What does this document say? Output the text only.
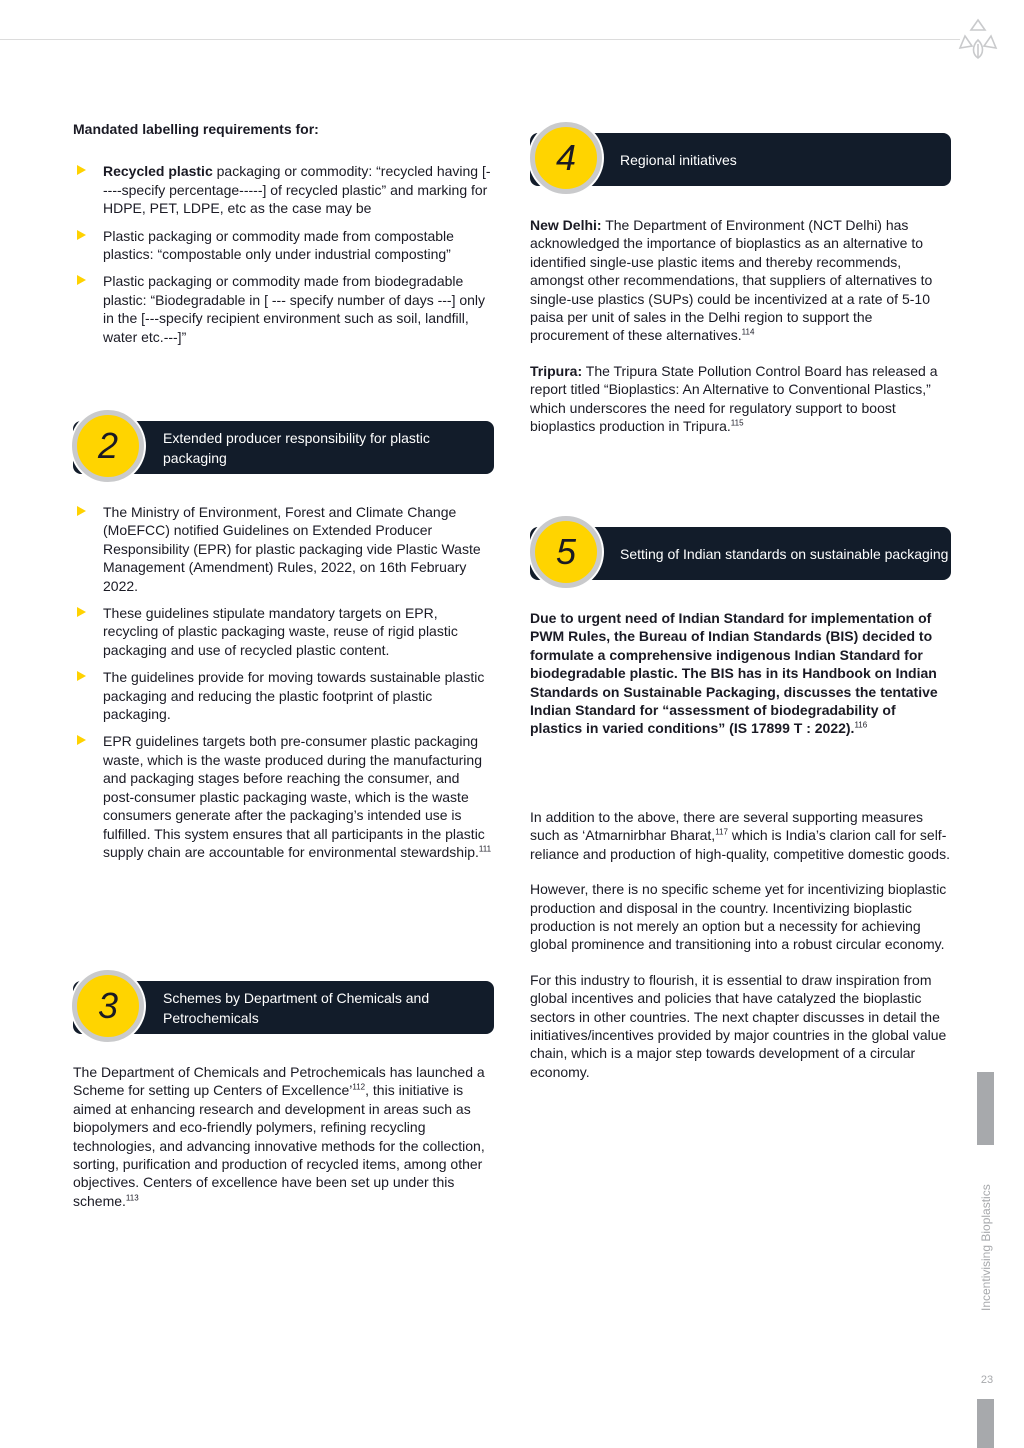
Mandated labelling requirements for:
Recycled plastic packaging or commodity: “recycled having [-----specify percentage-----] of recycled plastic” and marking for HDPE, PET, LDPE, etc as the case may be
Plastic packaging or commodity made from compostable plastics: “compostable only under industrial composting”
Plastic packaging or commodity made from biodegradable plastic: “Biodegradable in [ --- specify number of days ---] only in the [---specify recipient environment such as soil, landfill, water etc.---]”
Extended producer responsibility for plastic packaging
2
The Ministry of Environment, Forest and Climate Change (MoEFCC) notified Guidelines on Extended Producer Responsibility (EPR) for plastic packaging vide Plastic Waste Management (Amendment) Rules, 2022, on 16th February 2022.
These guidelines stipulate mandatory targets on EPR, recycling of plastic packaging waste, reuse of rigid plastic packaging and use of recycled plastic content.
The guidelines provide for moving towards sustainable plastic packaging and reducing the plastic footprint of plastic packaging.
EPR guidelines targets both pre-consumer plastic packaging waste, which is the waste produced during the manufacturing and packaging stages before reaching the consumer, and post-consumer plastic packaging waste, which is the waste consumers generate after the packaging’s intended use is fulfilled. This system ensures that all participants in the plastic supply chain are accountable for environmental stewardship.$^{111}$
Schemes by Department of Chemicals and Petrochemicals
3

The Department of Chemicals and Petrochemicals has launched a Scheme for setting up Centers of Excellence’$^{112}$, this initiative is aimed at enhancing research and development in areas such as biopolymers and eco-friendly polymers, refining recycling technologies, and advancing innovative methods for the collection, sorting, purification and production of recycled items, among other objectives. Centers of excellence have been set up under this scheme.$^{113}$

Regional initiatives
4

New Delhi: The Department of Environment (NCT Delhi) has acknowledged the importance of bioplastics as an alternative to identified single-use plastic items and thereby recommends, amongst other recommendations, that suppliers of alternatives to single-use plastics (SUPs) could be incentivized at a rate of 5-10 paisa per unit of sales in the Delhi region to support the procurement of these alternatives.$^{114}$

Tripura: The Tripura State Pollution Control Board has released a report titled “Bioplastics: An Alternative to Conventional Plastics,” which underscores the need for regulatory support to boost bioplastics production in Tripura.$^{115}$

Setting of Indian standards on sustainable packaging
5

Due to urgent need of Indian Standard for implementation of PWM Rules, the Bureau of Indian Standards (BIS) decided to formulate a comprehensive indigenous Indian Standard for biodegradable plastic. The BIS has in its Handbook on Indian Standards on Sustainable Packaging, discusses the tentative Indian Standard for “assessment of biodegradability of plastics in varied conditions” (IS 17899 T : 2022).$^{116}$

In addition to the above, there are several supporting measures such as ‘Atmarnirbhar Bharat,$^{117}$ which is India’s clarion call for self-reliance and production of high-quality, competitive domestic goods.

However, there is no specific scheme yet for incentivizing bioplastic production and disposal in the country. Incentivizing bioplastic production is not merely an option but a necessity for achieving global prominence and transitioning into a robust circular economy.

For this industry to flourish, it is essential to draw inspiration from global incentives and policies that have catalyzed the bioplastic sectors in other countries. The next chapter discusses in detail the initiatives/incentives provided by major countries in the global value chain, which is a major step towards development of a circular economy.

Incentivising Bioplastics
23
